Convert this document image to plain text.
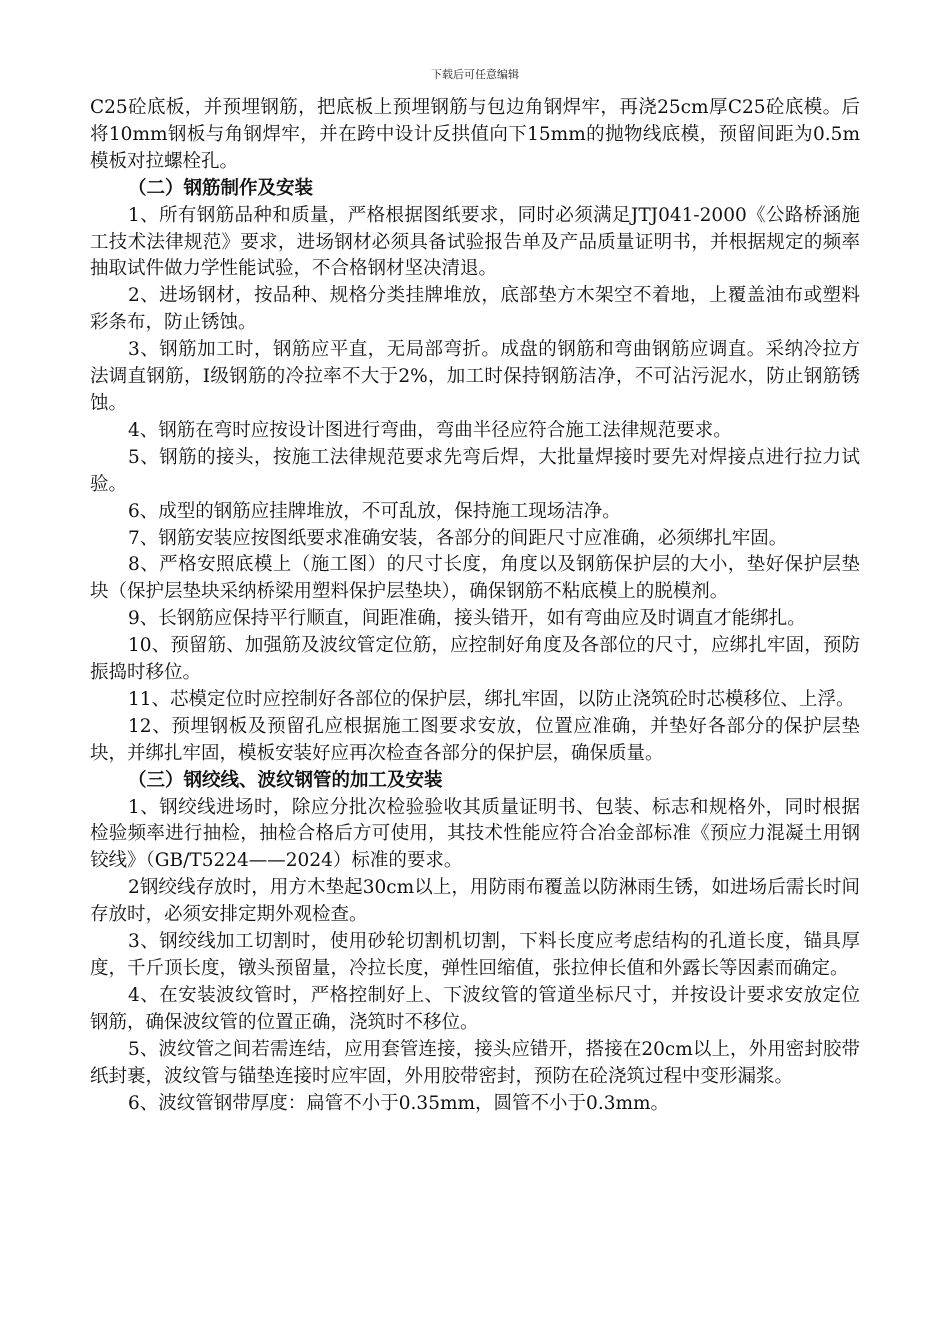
下载后可任意编辑

C25砼底板，并预埋钢筋，把底板上预埋钢筋与包边角钢焊牢，再浇25cm厚C25砼底模。后将10mm钢板与角钢焊牢，并在跨中设计反拱值向下15mm的抛物线底模，预留间距为0.5m模板对拉螺栓孔。

（二）钢筋制作及安装

1、所有钢筋品种和质量，严格根据图纸要求，同时必须满足JTJ041-2000《公路桥涵施工技术法律规范》要求，进场钢材必须具备试验报告单及产品质量证明书，并根据规定的频率抽取试件做力学性能试验，不合格钢材坚决清退。

2、进场钢材，按品种、规格分类挂牌堆放，底部垫方木架空不着地，上覆盖油布或塑料彩条布，防止锈蚀。

3、钢筋加工时，钢筋应平直，无局部弯折。成盘的钢筋和弯曲钢筋应调直。采纳冷拉方法调直钢筋，Ⅰ级钢筋的冷拉率不大于2%，加工时保持钢筋洁净，不可沾污泥水，防止钢筋锈蚀。

4、钢筋在弯时应按设计图进行弯曲，弯曲半径应符合施工法律规范要求。

5、钢筋的接头，按施工法律规范要求先弯后焊，大批量焊接时要先对焊接点进行拉力试验。

6、成型的钢筋应挂牌堆放，不可乱放，保持施工现场洁净。

7、钢筋安装应按图纸要求准确安装，各部分的间距尺寸应准确，必须绑扎牢固。

8、严格安照底模上（施工图）的尺寸长度，角度以及钢筋保护层的大小，垫好保护层垫块（保护层垫块采纳桥梁用塑料保护层垫块），确保钢筋不粘底模上的脱模剂。

9、长钢筋应保持平行顺直，间距准确，接头错开，如有弯曲应及时调直才能绑扎。

10、预留筋、加强筋及波纹管定位筋，应控制好角度及各部位的尺寸，应绑扎牢固，预防振捣时移位。

11、芯模定位时应控制好各部位的保护层，绑扎牢固，以防止浇筑砼时芯模移位、上浮。

12、预埋钢板及预留孔应根据施工图要求安放，位置应准确，并垫好各部分的保护层垫块，并绑扎牢固，模板安装好应再次检查各部分的保护层，确保质量。

（三）钢绞线、波纹钢管的加工及安装

1、钢绞线进场时，除应分批次检验验收其质量证明书、包装、标志和规格外，同时根据检验频率进行抽检，抽检合格后方可使用，其技术性能应符合冶金部标准《预应力混凝土用钢铰线》（GB/T5224——2024）标准的要求。

2钢绞线存放时，用方木垫起30cm以上，用防雨布覆盖以防淋雨生锈，如进场后需长时间存放时，必须安排定期外观检查。

3、钢绞线加工切割时，使用砂轮切割机切割，下料长度应考虑结构的孔道长度，锚具厚度，千斤顶长度，镦头预留量，冷拉长度，弹性回缩值，张拉伸长值和外露长等因素而确定。

4、在安装波纹管时，严格控制好上、下波纹管的管道坐标尺寸，并按设计要求安放定位钢筋，确保波纹管的位置正确，浇筑时不移位。

5、波纹管之间若需连结，应用套管连接，接头应错开，搭接在20cm以上，外用密封胶带纸封裹，波纹管与锚垫连接时应牢固，外用胶带密封，预防在砼浇筑过程中变形漏浆。

6、波纹管钢带厚度：扁管不小于0.35mm，圆管不小于0.3mm。
